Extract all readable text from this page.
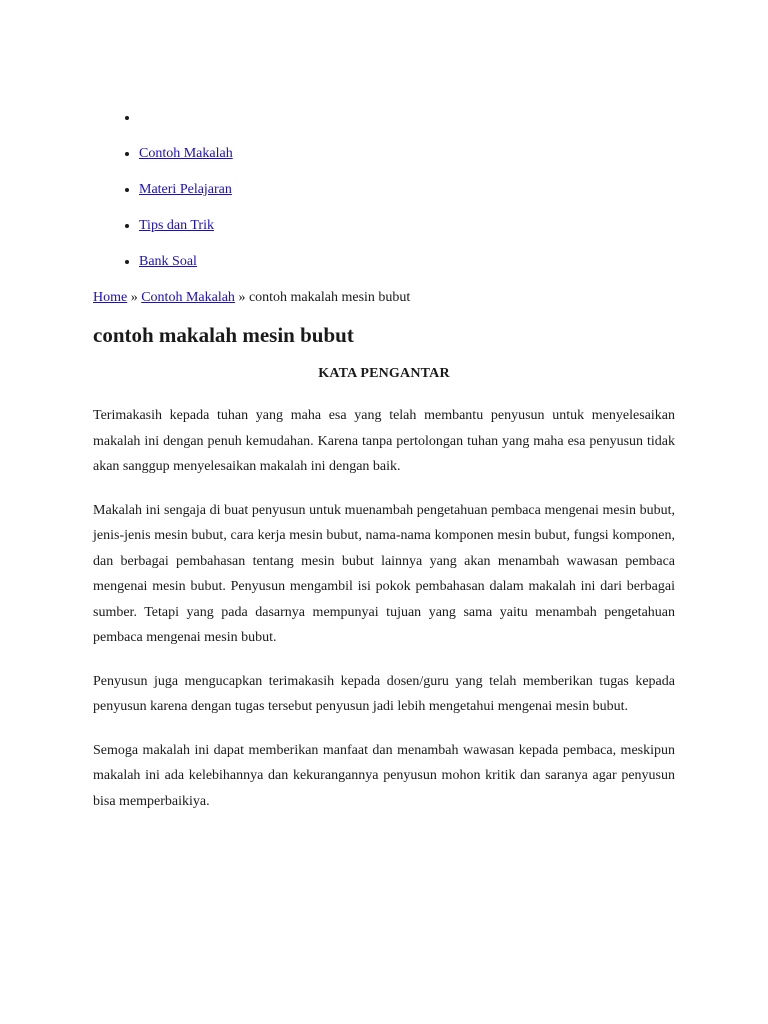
•
• Contoh Makalah
• Materi Pelajaran
• Tips dan Trik
• Bank Soal
Home » Contoh Makalah » contoh makalah mesin bubut
contoh makalah mesin bubut
KATA PENGANTAR

Terimakasih kepada tuhan yang maha esa yang telah membantu penyusun untuk menyelesaikan makalah ini dengan penuh kemudahan. Karena tanpa pertolongan tuhan yang maha esa penyusun tidak akan sanggup menyelesaikan makalah ini dengan baik.

Makalah ini sengaja di buat penyusun untuk muenambah pengetahuan pembaca mengenai mesin bubut, jenis-jenis mesin bubut, cara kerja mesin bubut, nama-nama komponen mesin bubut, fungsi komponen, dan berbagai pembahasan tentang mesin bubut lainnya yang akan menambah wawasan pembaca mengenai mesin bubut. Penyusun mengambil isi pokok pembahasan dalam makalah ini dari berbagai sumber. Tetapi yang pada dasarnya mempunyai tujuan yang sama yaitu menambah pengetahuan pembaca mengenai mesin bubut.

Penyusun juga mengucapkan terimakasih kepada dosen/guru yang telah memberikan tugas kepada penyusun karena dengan tugas tersebut penyusun jadi lebih mengetahui mengenai mesin bubut.

Semoga makalah ini dapat memberikan manfaat dan menambah wawasan kepada pembaca, meskipun makalah ini ada kelebihannya dan kekurangannya penyusun mohon kritik dan saranya agar penyusun bisa memperbaikiya.
